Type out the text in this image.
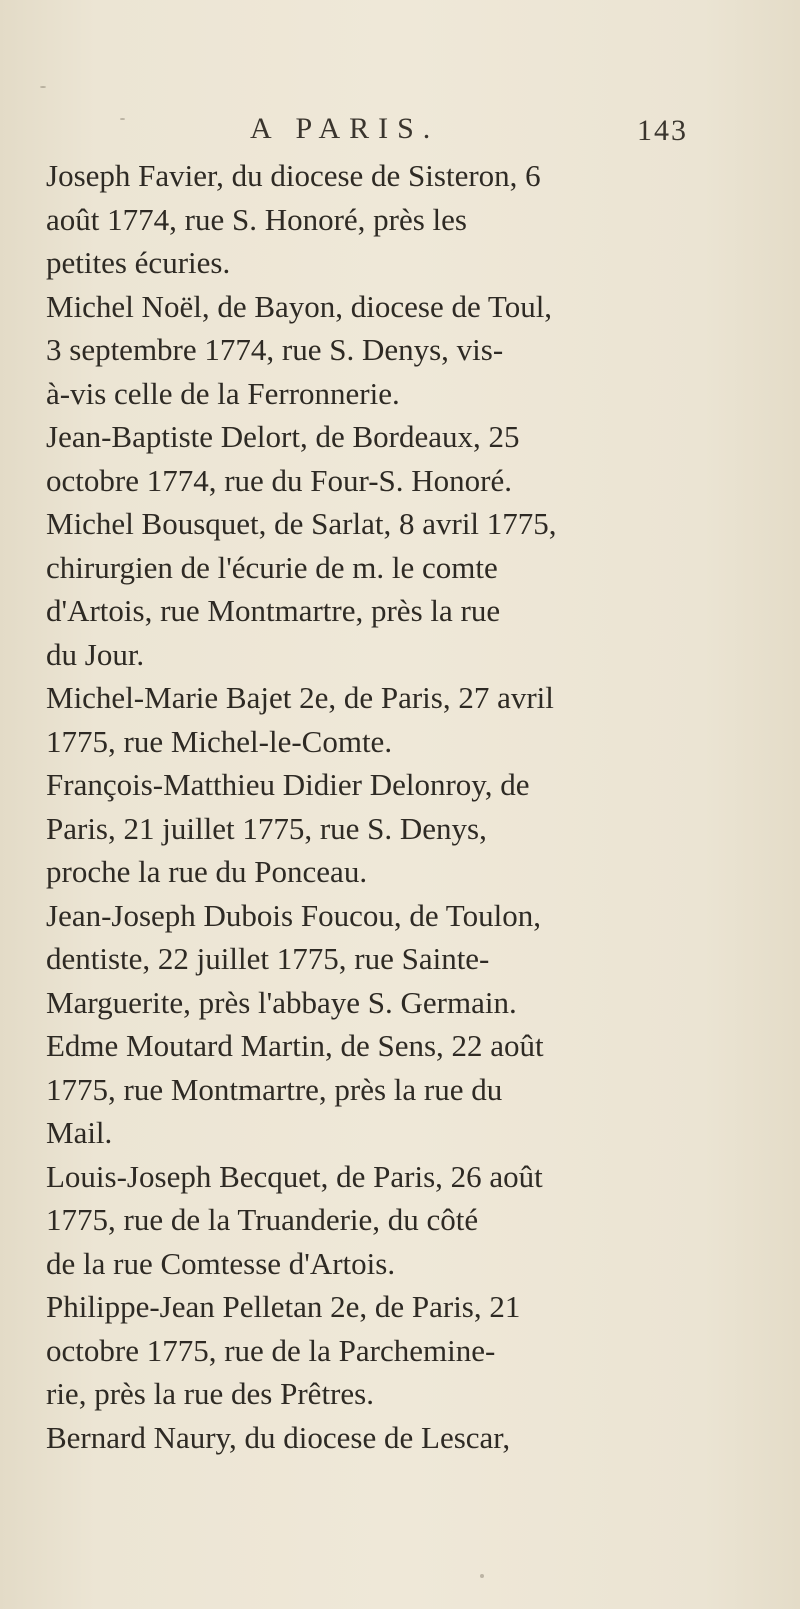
A PARIS.	143

Joseph Favier, du diocese de Sisteron, 6
août 1774, rue S. Honoré, près les
petites écuries.

Michel Noël, de Bayon, diocese de Toul,
3 septembre 1774, rue S. Denys, vis-
à-vis celle de la Ferronnerie.

Jean-Baptiste Delort, de Bordeaux, 25
octobre 1774, rue du Four-S. Honoré.

Michel Bousquet, de Sarlat, 8 avril 1775,
chirurgien de l'écurie de m. le comte
d'Artois, rue Montmartre, près la rue
du Jour.

Michel-Marie Bajet 2e, de Paris, 27 avril
1775, rue Michel-le-Comte.

François-Matthieu Didier Delonroy, de
Paris, 21 juillet 1775, rue S. Denys,
proche la rue du Ponceau.

Jean-Joseph Dubois Foucou, de Toulon,
dentiste, 22 juillet 1775, rue Sainte-
Marguerite, près l'abbaye S. Germain.

Edme Moutard Martin, de Sens, 22 août
1775, rue Montmartre, près la rue du
Mail.

Louis-Joseph Becquet, de Paris, 26 août
1775, rue de la Truanderie, du côté
de la rue Comtesse d'Artois.

Philippe-Jean Pelletan 2e, de Paris, 21
octobre 1775, rue de la Parchemine-
rie, près la rue des Prêtres.

Bernard Naury, du diocese de Lescar,
